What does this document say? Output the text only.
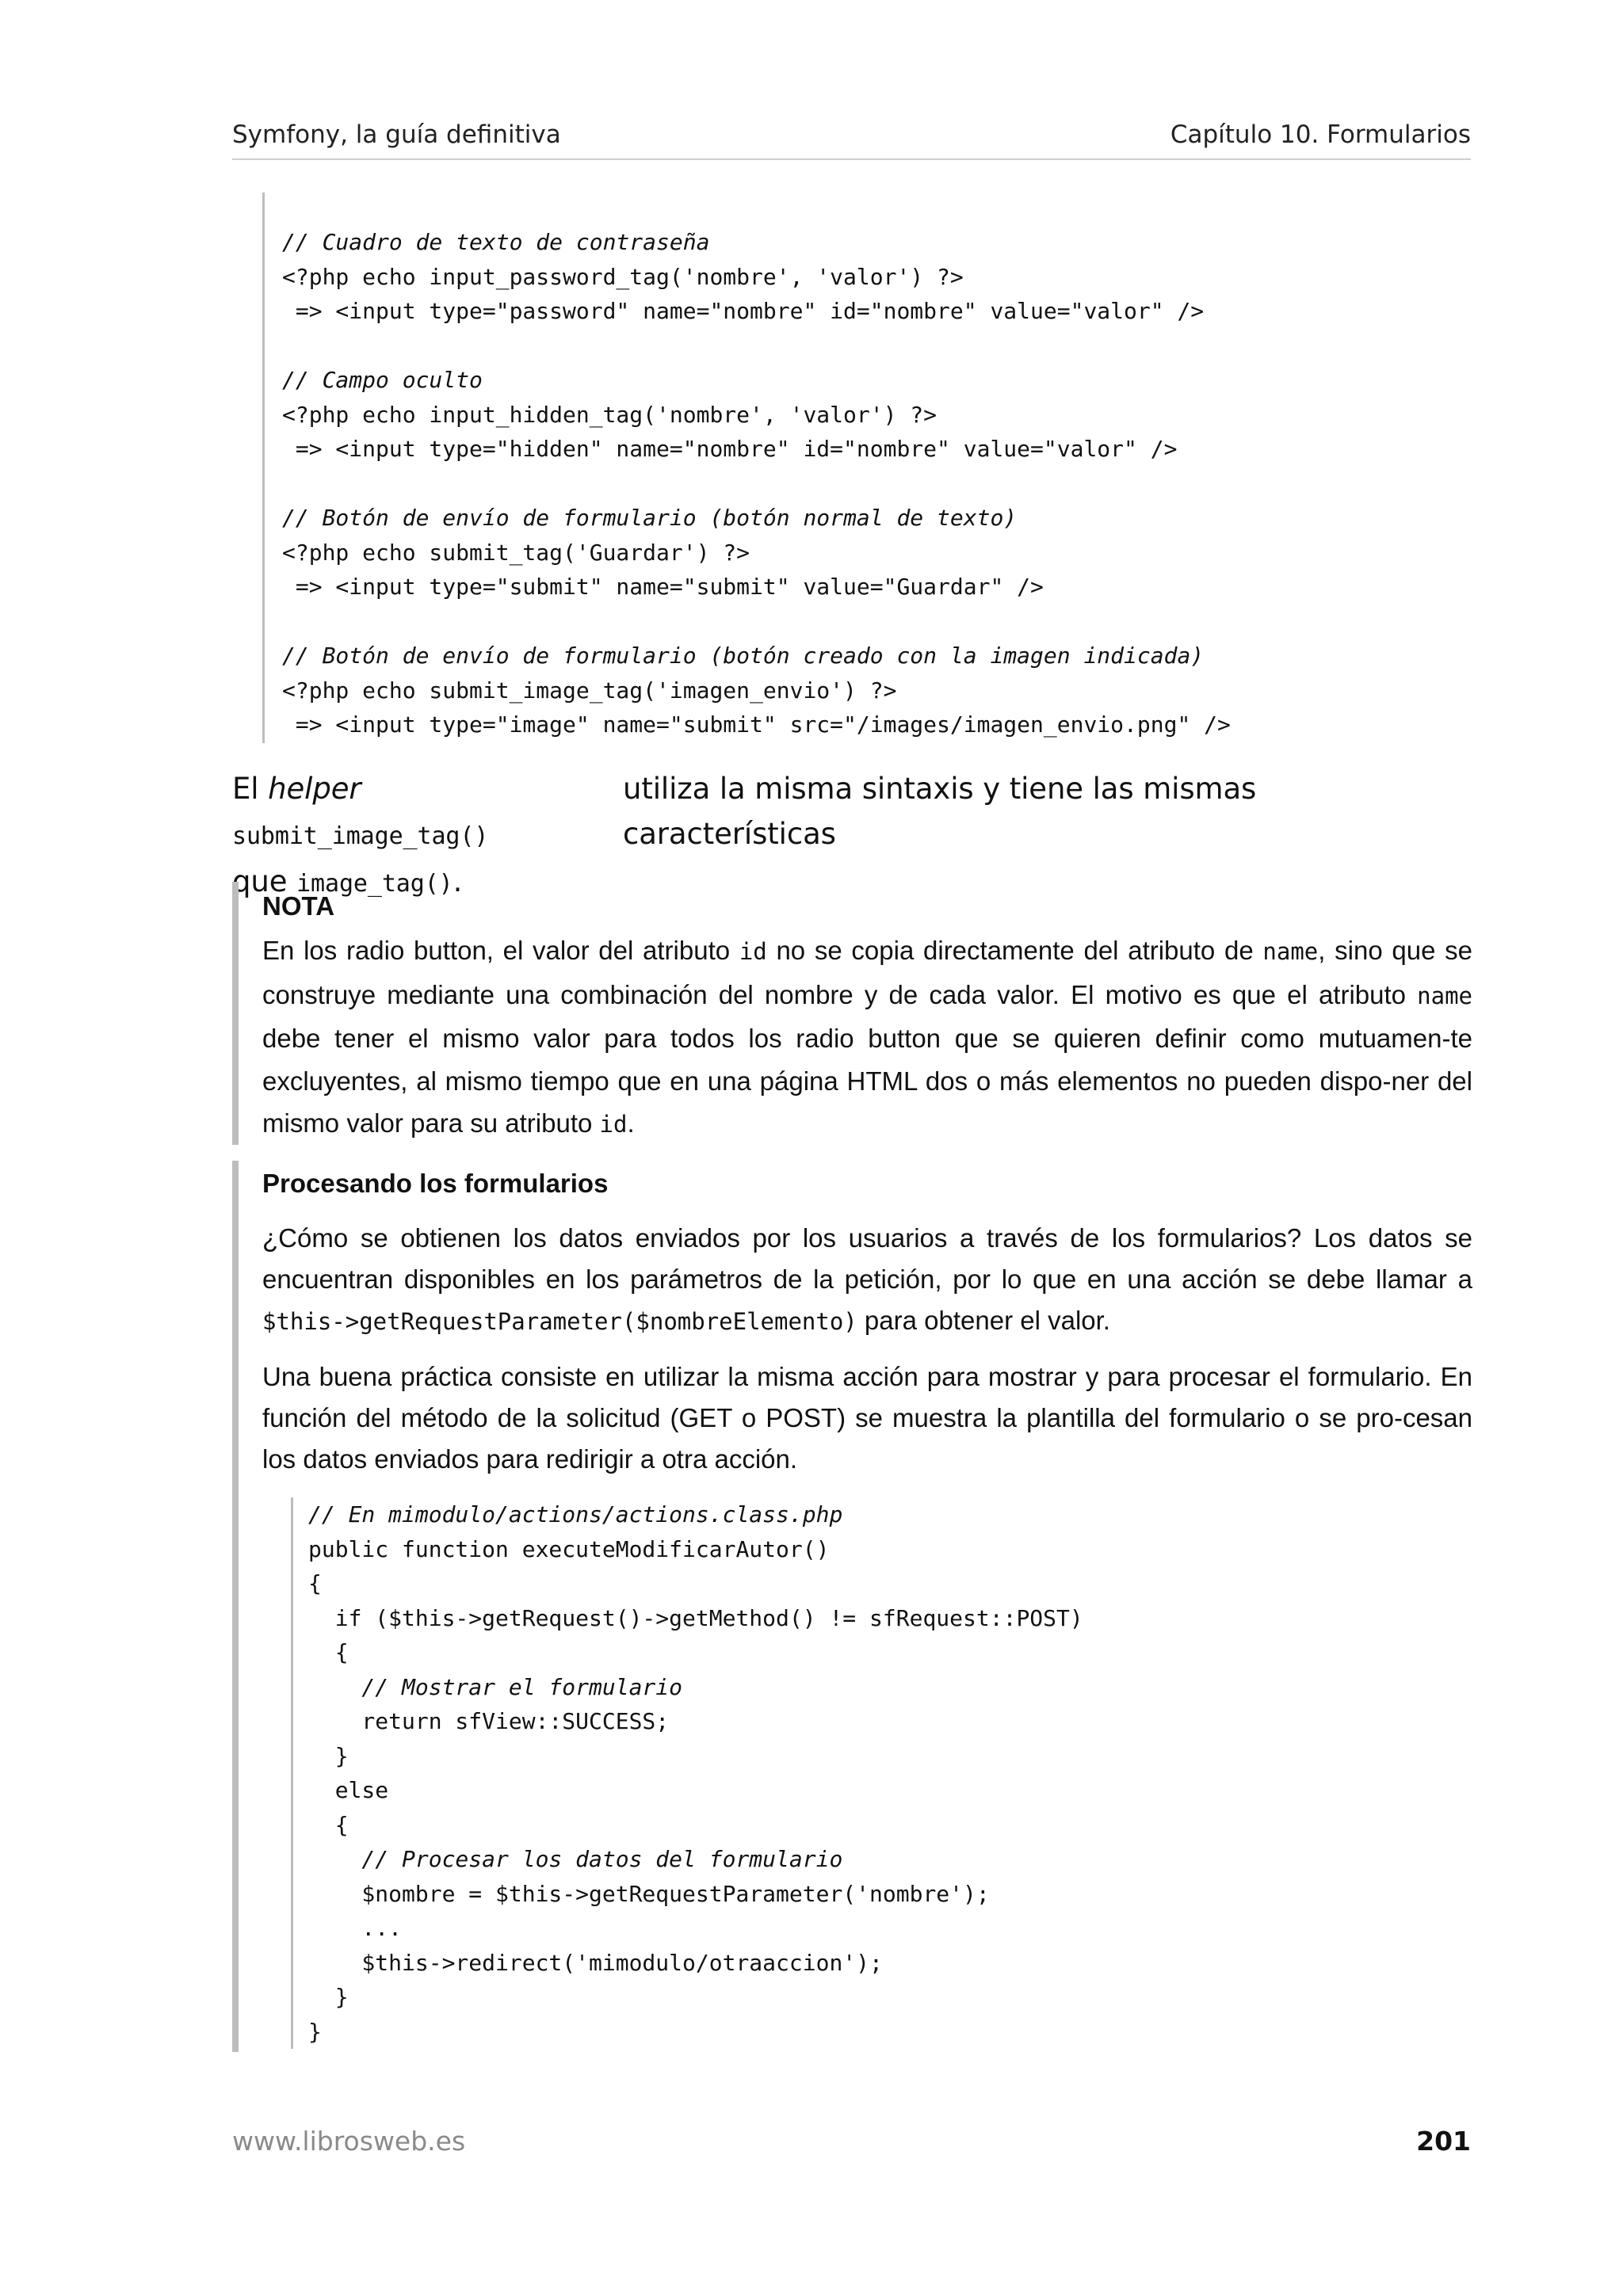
Symfony, la guía definitiva	Capítulo 10. Formularios
// Cuadro de texto de contraseña
<?php echo input_password_tag('nombre', 'valor') ?>
=> <input type="password" name="nombre" id="nombre" value="valor" />

// Campo oculto
<?php echo input_hidden_tag('nombre', 'valor') ?>
=> <input type="hidden" name="nombre" id="nombre" value="valor" />

// Botón de envío de formulario (botón normal de texto)
<?php echo submit_tag('Guardar') ?>
=> <input type="submit" name="submit" value="Guardar" />

// Botón de envío de formulario (botón creado con la imagen indicada)
<?php echo submit_image_tag('imagen_envio') ?>
=> <input type="image" name="submit" src="/images/imagen_envio.png" />
El helper submit_image_tag()
utiliza la misma sintaxis y tiene las mismas características
que image_tag().
NOTA
En los radio button, el valor del atributo id no se copia directamente del atributo de name, sino que se construye mediante una combinación del nombre y de cada valor. El motivo es que el atributo name debe tener el mismo valor para todos los radio button que se quieren definir como mutuamen-te excluyentes, al mismo tiempo que en una página HTML dos o más elementos no pueden dispo-ner del mismo valor para su atributo id.
Procesando los formularios
¿Cómo se obtienen los datos enviados por los usuarios a través de los formularios? Los datos se encuentran disponibles en los parámetros de la petición, por lo que en una acción se debe llamar a $this->getRequestParameter($nombreElemento) para obtener el valor.
Una buena práctica consiste en utilizar la misma acción para mostrar y para procesar el formulario. En función del método de la solicitud (GET o POST) se muestra la plantilla del formulario o se pro-cesan los datos enviados para redirigir a otra acción.
// En mimodulo/actions/actions.class.php
public function executeModificarAutor()
{
if ($this->getRequest()->getMethod() != sfRequest::POST)
{
// Mostrar el formulario
return sfView::SUCCESS;
}
else
{
// Procesar los datos del formulario
$nombre = $this->getRequestParameter('nombre');
...
$this->redirect('mimodulo/otraaccion');
}
}
www.librosweb.es	201
